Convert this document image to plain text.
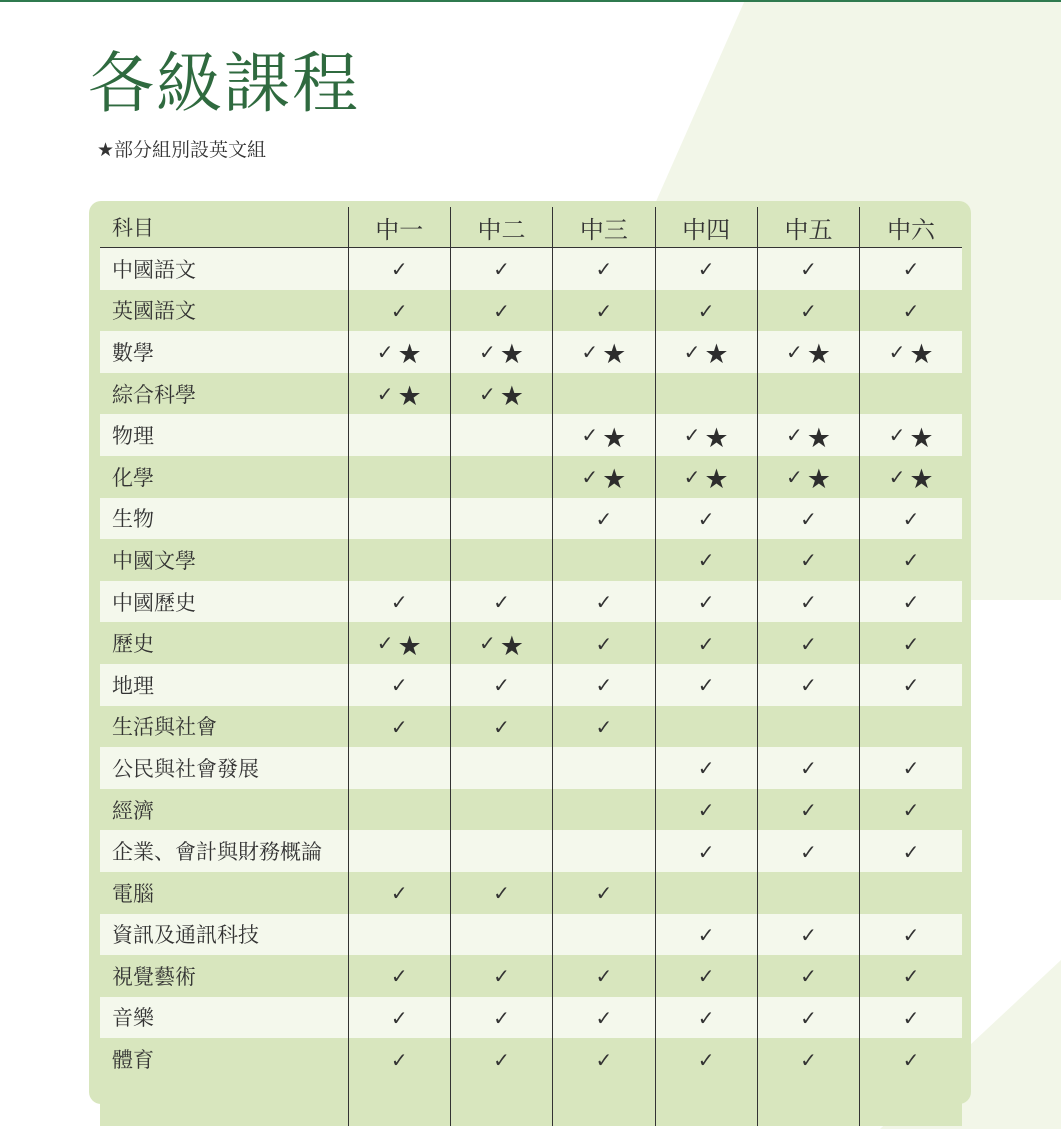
各級課程
★部分組別設英文組
科目	中一	中二	中三	中四	中五	中六
中國語文	✓	✓	✓	✓	✓	✓
英國語文	✓	✓	✓	✓	✓	✓
數學	✓ ★	✓ ★	✓ ★	✓ ★	✓ ★	✓ ★
綜合科學	✓ ★	✓ ★				
物理			✓ ★	✓ ★	✓ ★	✓ ★
化學			✓ ★	✓ ★	✓ ★	✓ ★
生物			✓	✓	✓	✓
中國文學				✓	✓	✓
中國歷史	✓	✓	✓	✓	✓	✓
歷史	✓ ★	✓ ★	✓	✓	✓	✓
地理	✓	✓	✓	✓	✓	✓
生活與社會	✓	✓	✓			
公民與社會發展				✓	✓	✓
經濟				✓	✓	✓
企業、會計與財務概論				✓	✓	✓
電腦	✓	✓	✓			
資訊及通訊科技				✓	✓	✓
視覺藝術	✓	✓	✓	✓	✓	✓
音樂	✓	✓	✓	✓	✓	✓
體育	✓	✓	✓	✓	✓	✓
